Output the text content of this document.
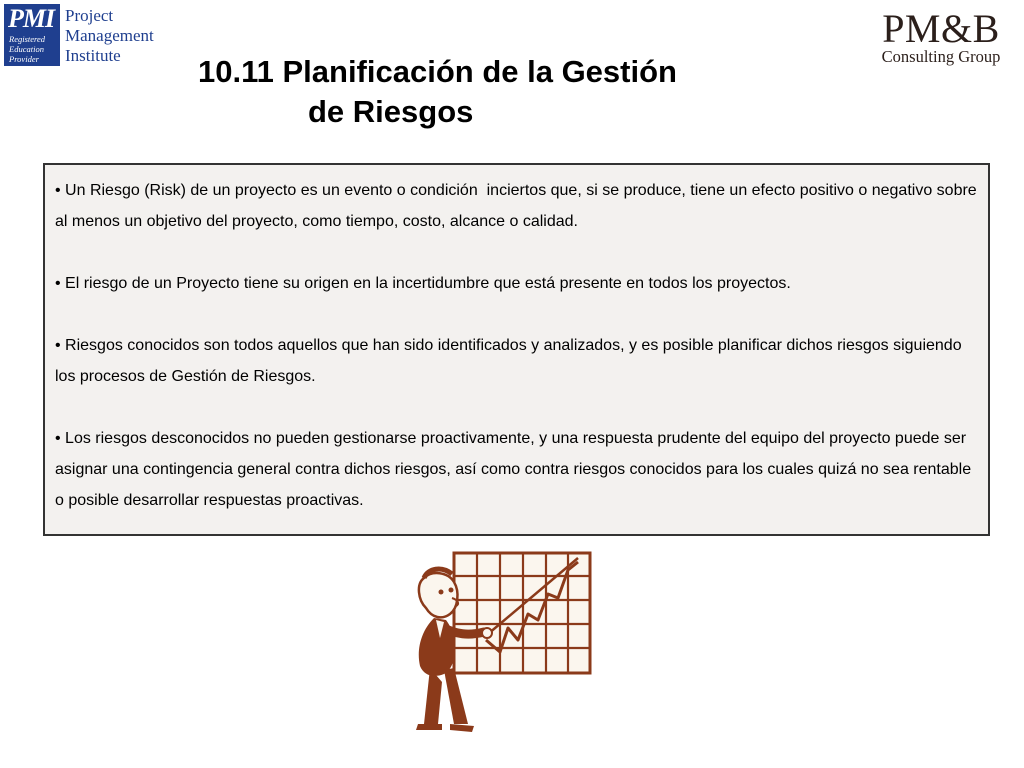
PMI
Registered
Education
Provider
Project
Management
Institute
PM&B
Consulting Group
10.11 Planificación de la Gestión
de Riesgos

• Un Riesgo (Risk) de un proyecto es un evento o condición  inciertos que, si se produce, tiene un efecto positivo o negativo sobre al menos un objetivo del proyecto, como tiempo, costo, alcance o calidad.

• El riesgo de un Proyecto tiene su origen en la incertidumbre que está presente en todos los proyectos.

• Riesgos conocidos son todos aquellos que han sido identificados y analizados, y es posible planificar dichos riesgos siguiendo los procesos de Gestión de Riesgos.

• Los riesgos desconocidos no pueden gestionarse proactivamente, y una respuesta prudente del equipo del proyecto puede ser asignar una contingencia general contra dichos riesgos, así como contra riesgos conocidos para los cuales quizá no sea rentable o posible desarrollar respuestas proactivas.
